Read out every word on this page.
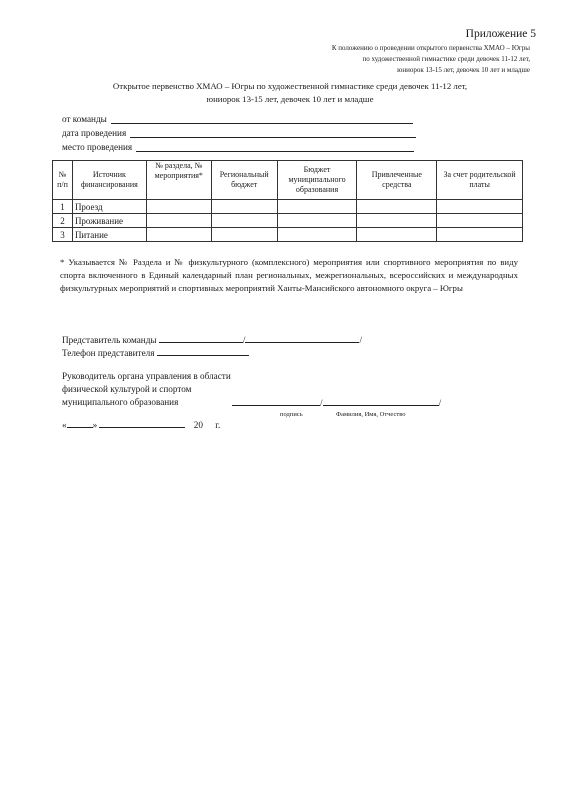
Приложение 5
К положению о проведении открытого первенства ХМАО – Югры
по художественной гимнастике среди девочек 11-12 лет,
юниорок 13-15 лет, девочек 10 лет и младше
Открытое первенство ХМАО – Югры по художественной гимнастике среди девочек 11-12 лет,
юниорок 13-15 лет, девочек 10 лет и младше
от команды
дата проведения
место проведения
№ п/п	Источник финансирования	№ раздела, № мероприятия*	Региональный бюджет	Бюджет муниципального образования	Привлеченные средства	За счет родительской платы
1	Проезд					
2	Проживание					
3	Питание					
* Указывается № Раздела и № физкультурного (комплексного) мероприятия или спортивного мероприятия по виду спорта включенного в Единый календарный план региональных, межрегиональных, всероссийских и международных физкультурных мероприятий и спортивных мероприятий Ханты-Мансийского автономного округа – Югры
Представитель команды	/	/
Телефон представителя
Руководитель органа управления в области
физической культурой и спортом
муниципального образования	/	/
подпись	Фамилия, Имя, Отчество
«	»	20 г.
